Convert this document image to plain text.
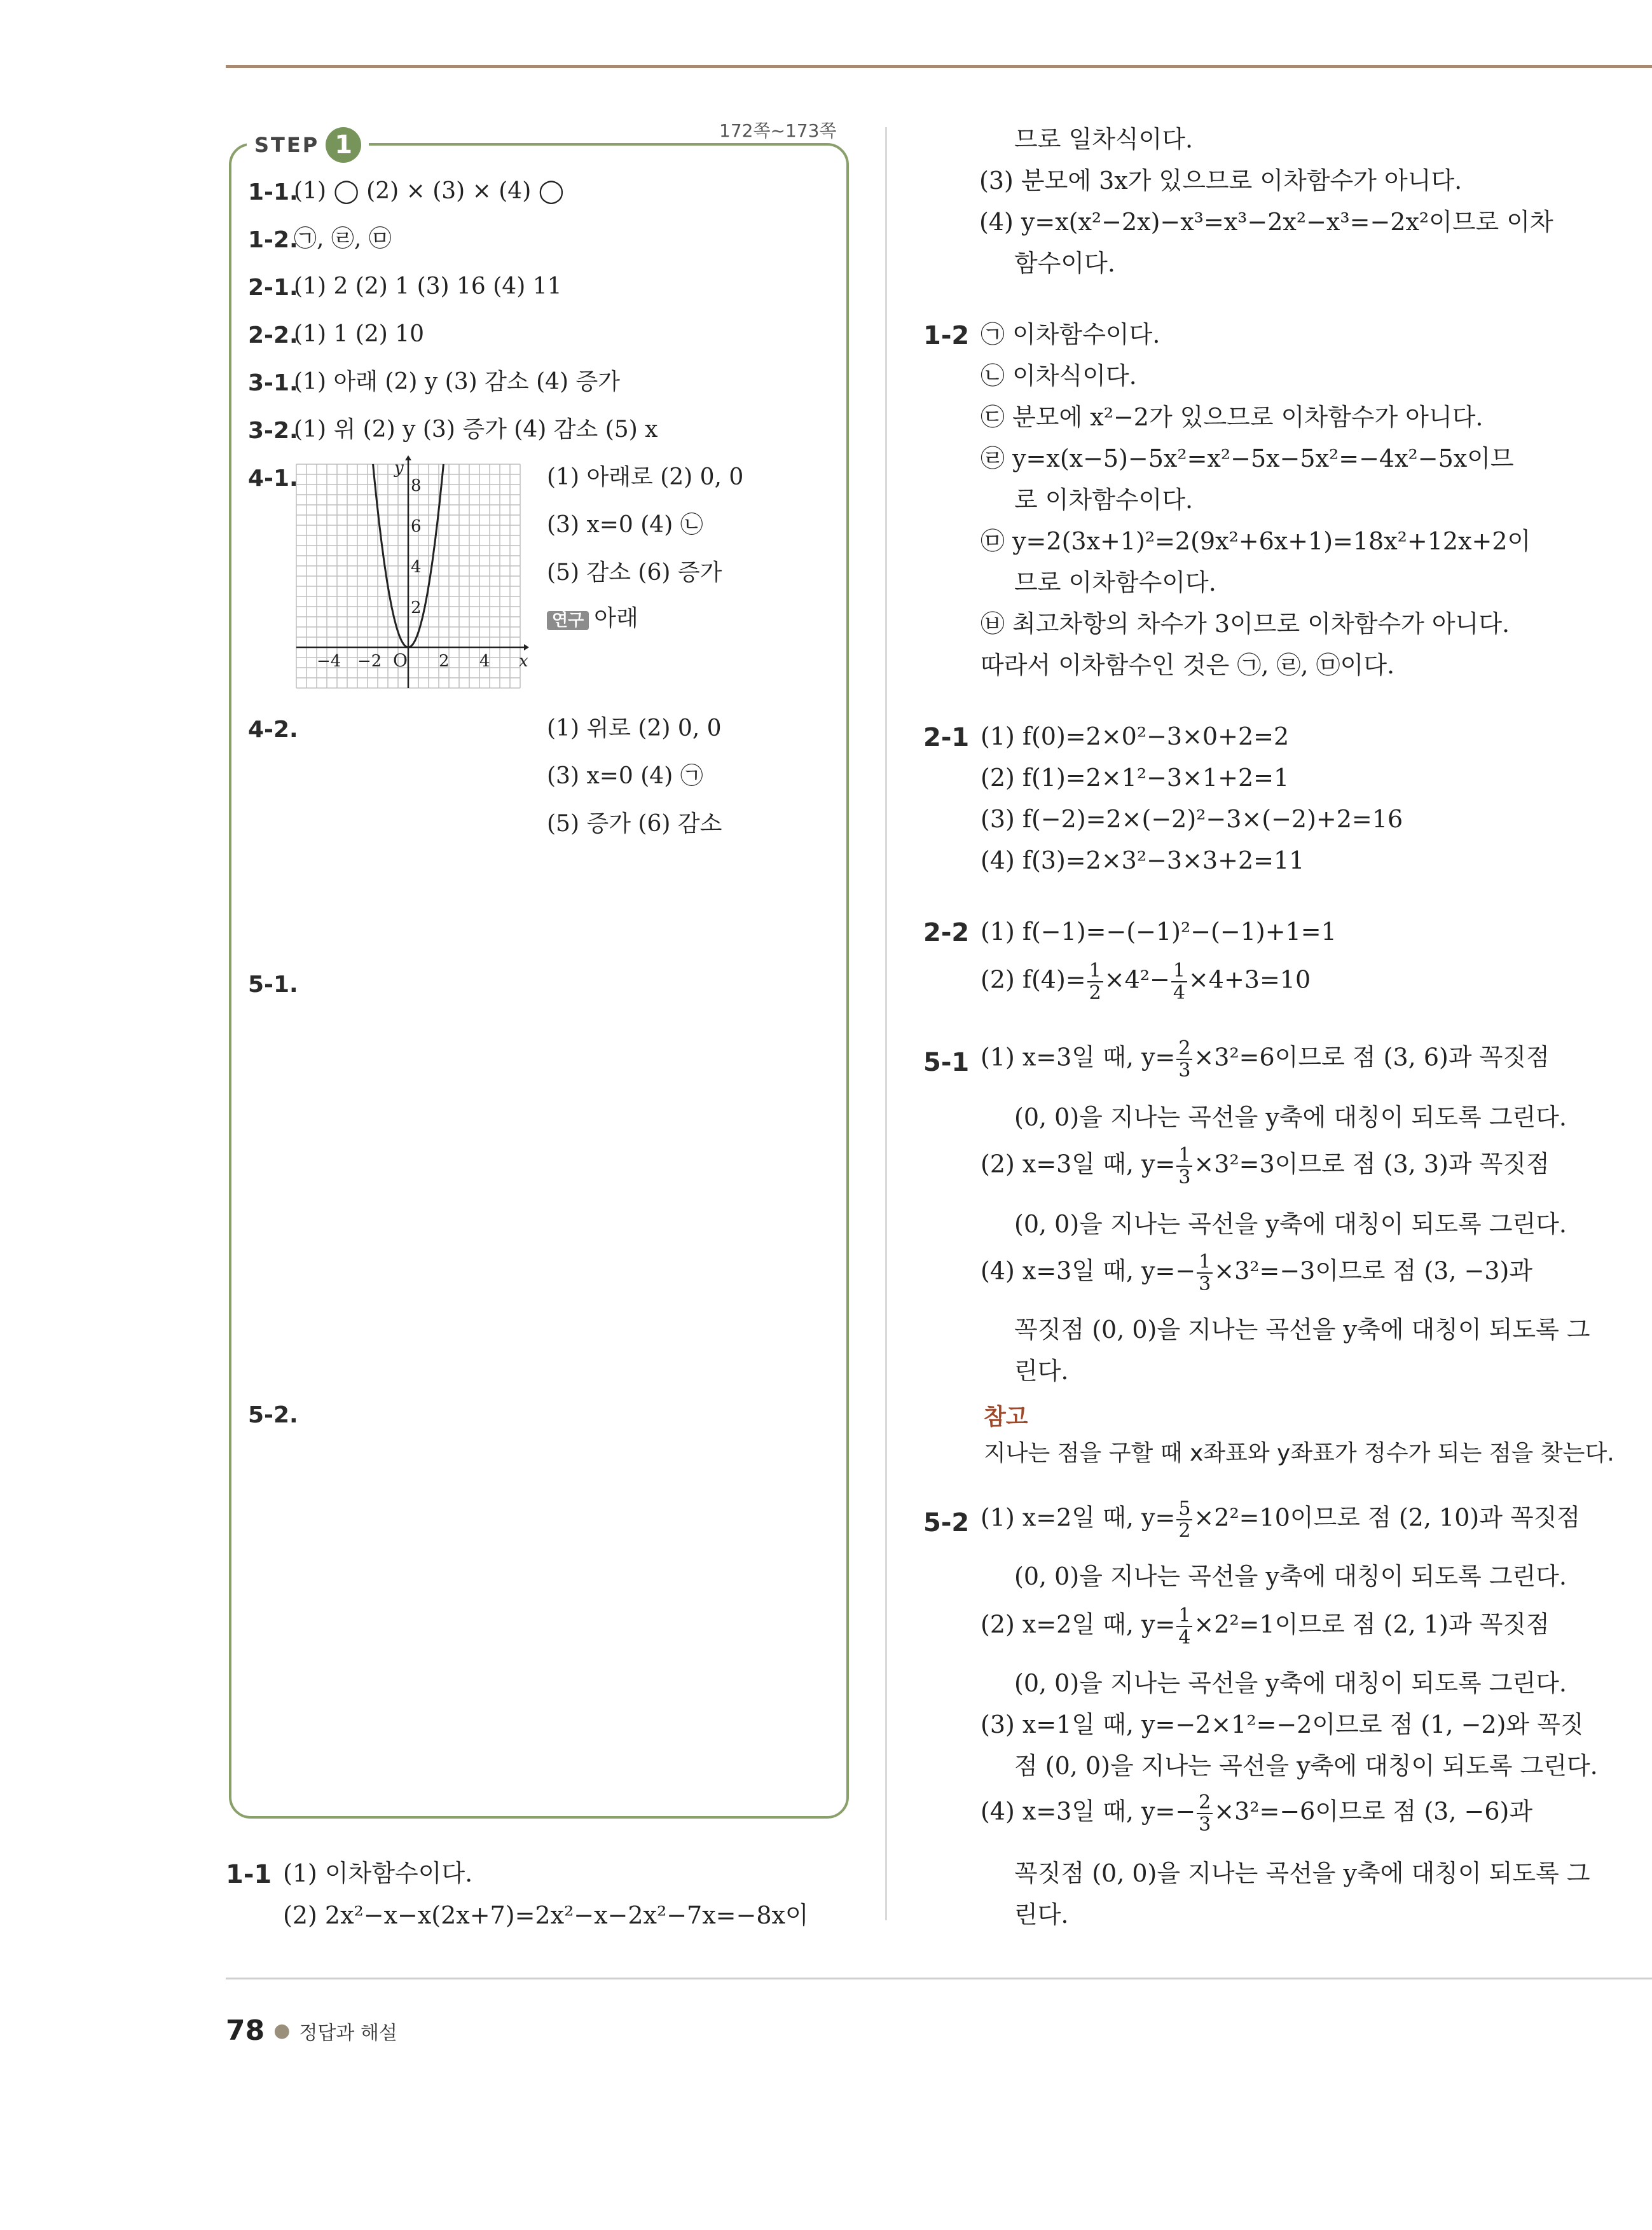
STEP 1	172쪽~173쪽
1-1.
(1) ◯ (2) × (3) × (4) ◯
1-2.
㉠, ㉣, ㉤
2-1.
(1) 2 (2) 1 (3) 16 (4) 11
2-2.
(1) 1 (2) 10
3-1.
(1) 아래 (2) y (3) 감소 (4) 증가
3-2.
(1) 위 (2) y (3) 증가 (4) 감소 (5) x
4-1.	(1) 아래로 (2) 0, 0
(3) x=0 (4) ㉡
(5) 감소 (6) 증가
연구 아래
x
y
O
8
6
4
2
−4 −2	2 4
4-2.	(1) 위로 (2) 0, 0
(3) x=0 (4) ㉠
(5) 증가 (6) 감소
5-1.
5-2.
1-1 (1) 이차함수이다.
(2) 2x²−x−x(2x+7)=2x²−x−2x²−7x=−8x이
므로 일차식이다.
(3) 분모에 3x가 있으므로 이차함수가 아니다.
(4) y=x(x²−2x)−x³=x³−2x²−x³=−2x²이므로 이차
함수이다.
1-2 ㉠ 이차함수이다.
㉡ 이차식이다.
㉢ 분모에 x²−2가 있으므로 이차함수가 아니다.
㉣ y=x(x−5)−5x²=x²−5x−5x²=−4x²−5x이므
로 이차함수이다.
㉤ y=2(3x+1)²=2(9x²+6x+1)=18x²+12x+2이
므로 이차함수이다.
㉥ 최고차항의 차수가 3이므로 이차함수가 아니다.
따라서 이차함수인 것은 ㉠, ㉣, ㉤이다.
2-1 (1) f(0)=2×0²−3×0+2=2
(2) f(1)=2×1²−3×1+2=1
(3) f(−2)=2×(−2)²−3×(−2)+2=16
(4) f(3)=2×3²−3×3+2=11
2-2 (1) f(−1)=−(−1)²−(−1)+1=1
(2) $f(4)= \frac{1}{2} \times 4^2- \frac{1}{4} \times 4+3=10$
5-1 (1) x=3일 때, $y= \frac{2}{3} \times 3^2=6$이므로 점 (3, 6)과 꼭짓점
(0, 0)을 지나는 곡선을 y축에 대칭이 되도록 그린다.
(2) x=3일 때, $y= \frac{1}{3} \times 3^2=3$이므로 점 (3, 3)과 꼭짓점
(0, 0)을 지나는 곡선을 y축에 대칭이 되도록 그린다.
(4) x=3일 때, $y=- \frac{1}{3} \times 3^2=-3$이므로 점 (3, −3)과
꼭짓점 (0, 0)을 지나는 곡선을 y축에 대칭이 되도록 그
린다.
참고
지나는 점을 구할 때 x좌표와 y좌표가 정수가 되는 점을 찾는다.
5-2 (1) x=2일 때, $y= \frac{5}{2} \times 2^2=10$이므로 점 (2, 10)과 꼭짓점
(0, 0)을 지나는 곡선을 y축에 대칭이 되도록 그린다.
(2) x=2일 때, $y= \frac{1}{4} \times 2^2=1$이므로 점 (2, 1)과 꼭짓점
(0, 0)을 지나는 곡선을 y축에 대칭이 되도록 그린다.
(3) x=1일 때, y=−2×1²=−2이므로 점 (1, −2)와 꼭짓
점 (0, 0)을 지나는 곡선을 y축에 대칭이 되도록 그린다.
(4) x=3일 때, $y=- \frac{2}{3} \times 3^2=-6$이므로 점 (3, −6)과
꼭짓점 (0, 0)을 지나는 곡선을 y축에 대칭이 되도록 그
린다.
78 ● 정답과 해설
